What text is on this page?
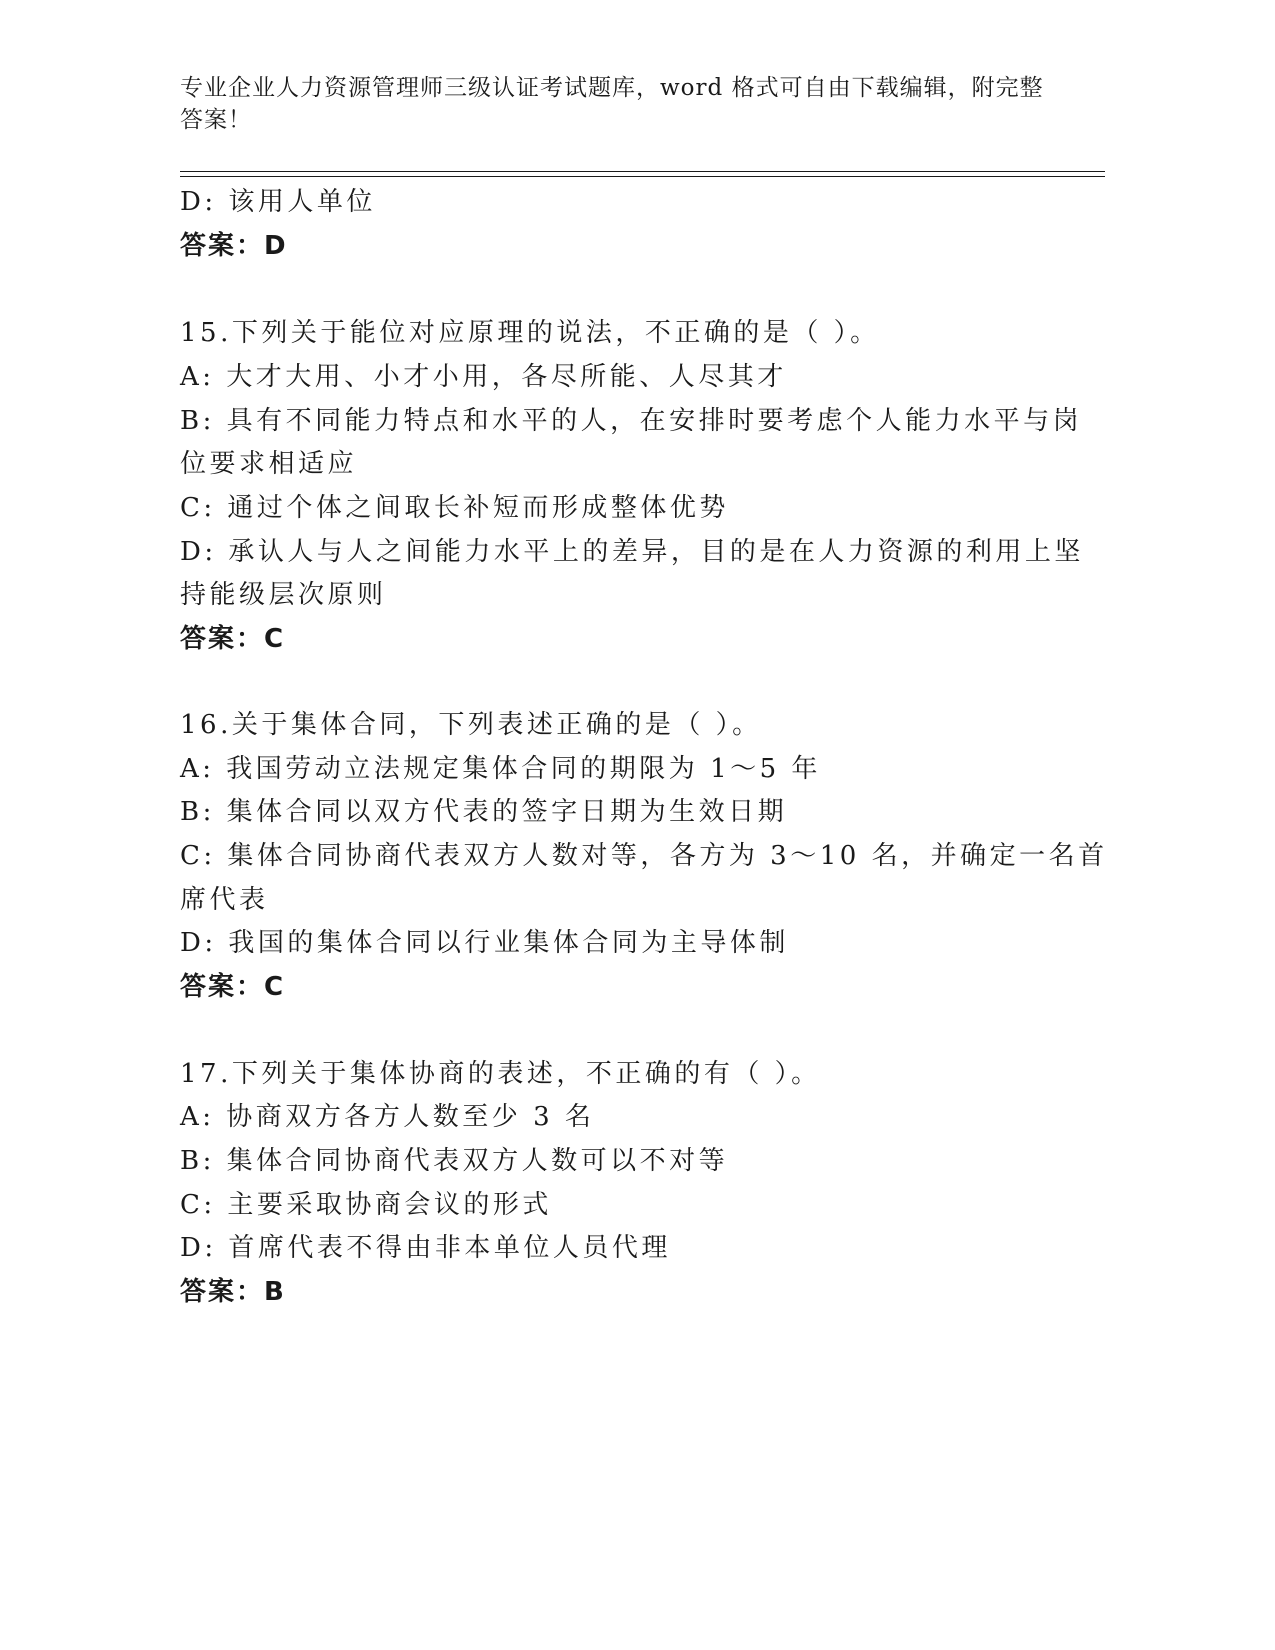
专业企业人力资源管理师三级认证考试题库，word 格式可自由下载编辑，附完整答案！
D: 该用人单位
答案：D
15.下列关于能位对应原理的说法，不正确的是（ ）。
A: 大才大用、小才小用，各尽所能、人尽其才
B: 具有不同能力特点和水平的人，在安排时要考虑个人能力水平与岗
位要求相适应
C: 通过个体之间取长补短而形成整体优势
D: 承认人与人之间能力水平上的差异，目的是在人力资源的利用上坚
持能级层次原则
答案：C
16.关于集体合同，下列表述正确的是（ ）。
A: 我国劳动立法规定集体合同的期限为 1～5 年
B: 集体合同以双方代表的签字日期为生效日期
C: 集体合同协商代表双方人数对等，各方为 3～10 名，并确定一名首
席代表
D: 我国的集体合同以行业集体合同为主导体制
答案：C
17.下列关于集体协商的表述，不正确的有（ ）。
A: 协商双方各方人数至少 3 名
B: 集体合同协商代表双方人数可以不对等
C: 主要采取协商会议的形式
D: 首席代表不得由非本单位人员代理
答案：B
